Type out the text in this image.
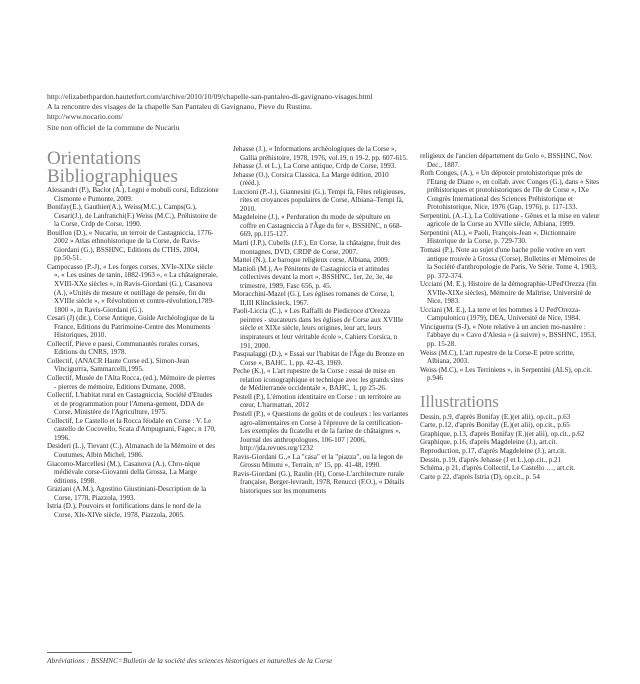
http://elizabethpardon.hautetfort.com/archive/2010/10/09/chapelle-san-pantaleo-di-gavignano-visages.html
A la rencontre des visages de la chapelle San Pantaleu di Gavignano, Pieve du Rustinu.
http://www.nocario.com/
Site non officiel de la commune de Nucariu
Orientations
Bibliographiques

Alessandri (P.), Baclot (A.), Legni e mobuli corsi, Edizzione Cismonte e Pumonte, 2009.

Bonifay(E.), Gauthier(A.), Weiss(M.C.), Camps(G.), Cesari(J.), de Lanfranchi(F.) Weiss (M.C.), Préhistoire de la Corse, Crdp de Corse, 1990.

Bouillon (D.), « Nucariu, un terroir de Castagniccia, 1776-2002 » Atlas ethnohistorique de la Corse, de Ravis-Giordani (G.), BSSHNC, Editions du CTHS, 2004, pp.50-51.

Campocasso (P.-J), « Les forges corses, XVIe-XIXe siècle », « Les usines de tanin, 1882-1963 », « La châtaigneraie, XVIII-XXe siècles », in Ravis-Giordani (G.), Casanova (A.), «Unités de mesure et outillage de pensée, fin du XVIIIe siècle », « Révolution et contre-révolution,1789-1800 », in Ravis-Giordani (G.).

Cesari (J) (dir.), Corse Antique, Guide Archéologique de la France, Editions du Patrimoine-Centre des Monuments Historiques, 2010.

Collectif, Pieve e paesi, Communautés rurales corses, Editions du CNRS, 1978.

Collectif, (ANACR Haute Corse ed.), Simon-Jean Vincigurrra, Sammarcelli,1995.

Collectif, Musée de l'Alta Rocca, (ed.), Mémoire de pierres - pierres de mémoire, Editions Dumane, 2008.

Collectif, L'habitat rural en Castagniccia, Société d'Etudes et de programmation pour l'Amena-gement, DDA de Corse, Ministère de l'Agriculture, 1975.

Collectif, Le Castello et la Rocca féodale en Corse : V. Le castello de Cocovello, Scata d'Ampugnani, Fagec, n 170, 1996.

Desideri (L.), Tievant (C.), Almanach de la Mémoire et des Coutumes, Albin Michel, 1986.

Giacomo-Marcellesi (M.), Casanova (A.), Chro-nique médiévale corse-Giovanni della Grossa, La Marge éditions, 1998.

Graziani (A.M.), Agostino Giustiniani-Description de la Corse, 1778, Piazzola, 1993.

Istria (D.), Pouvoirs et fortifications dans le nord de la Corse, XIe-XIVe siècle, 1978, Piazzola, 2005.

Jehasse (J.), « Informations archéologiques de la Corse », Gallia préhistoire, 1978, 1976, vol.19, n 19-2, pp. 607-615.

Jehasse (J. et L.), La Corse antique, Crdp de Corse, 1993.

Jehasse (O.), Corsica Classica, La Marge édition, 2010 (rééd.).

Luccioni (P.-J.), Giannesini (G.), Tempi fà, Fêtes religieuses, rites et croyances populaires de Corse, Albiana–Tempi fà, 2010.

Magdeleine (J.), « Perduration du mode de sépulture en coffre en Castagniccia à l'Âge du fer », BSSHNC, n 668-669, pp.115-127.

Marti (J.P.), Cubells (J.F.), En Corse, la châtaigne, fruit des montagnes, DVD, CRDP de Corse, 2007.

Mattei (N.), Le baroque religieux corse, Albiana, 2009.

Mattioli (M.), A« Pénitents de Castagniccia et attitudes collectives devant la mort », BSSHNC, 1er, 2e, 3e, 4e trimestre, 1989, Fasc 656, p. 45.

Moracchini-Mazel (G.), Les églises romanes de Corse, I, II,III Klincksieck, 1967.

Paoli-Liccia (C.), « Les Raffalli de Piedicroce d'Orezza peintres - stucateurs dans les églises de Corse aux XVIIIe siècle et XIXe siècle, leurs origines, leur art, leurs inspirateurs et leur véritable école », Cahiers Corsica, n 191, 2000.

Pasqualaggi (D.), « Essai sur l'habitat de l'Âge du Bronze en Corse », BAHC, 1, pp. 42-43, 1969.

Peche (K.), « L'art rupestre de la Corse : essai de mise en relation iconographique et technique avec les grands sites de Méditerranée occidentale », BAHC, 1, pp 25-26.

Pestell (P.), L'émotion identitaire en Corse : un territoire au cœur, L'harmattan, 2012

Pestell (P.), « Questions de goûts et de couleurs : les variantes agro-alimentaires en Corse à l'épreuve de la certification-Les exemples du ficatellu et de la farine de châtaignes », Journal des anthropologues, 106-107 | 2006, http://jda.revues.org/1232

Ravis-Giordani G.,« La "casa" et la "piazza", ou la legon de Grossu Minutu », Terrain, n° 15, pp. 41-48, 1990.

Ravis-Giordani (G.), Raulin (H), Corse-L'architecture rurale française, Berger-levrault, 1978, Renucci (F.O.), « Détails historiques sur les monuments

religieux de l'ancien département du Golo », BSSHNC, Nov. Dec., 1887.

Roth Conges, (A.), « Un dépotoir protohistorique près de l'Etang de Diane », en collab. avec Conges (G.), dans « Sites préhistoriques et protohistoriques de l'île de Corse », IXe Congrès International des Sciences Préhistorique et Protohistorique, Nice, 1976 (Gap, 1976), p. 117-133.

Serpentini, (A.-L), La Coltivatione - Gênes et la mise en valeur agricole de la Corse au XVIIe siècle, Albiana, 1999.

Serpentini (AL), « Paoli, François-Jean », Dictionnaire Historique de la Corse, p. 729-730.

Tomasi (P.), Note au sujet d'une hache polie votive en vert antique trouvée à Grossa (Corse), Bulletins et Mémoires de la Société d'anthropologie de Paris, Ve Série. Tome 4, 1903, pp. 372-374.

Ucciani (M. E.), Histoire de la démographie-UPed'Orezza (fin XVIIe-XIXe siècles), Mémoire de Maîtrise, Université de Nice, 1983.

Ucciani (M. E.), La terre et les hommes à U Ped'Orezza-Campulonicu (1979), DEA, Université de Nice, 1984.

Vinciguerra (S-J), « Note relative à un ancien mo-nastère : l'abbaye du « Cavo d'Alesia » (à suivre) », BSSHNC, 1953, pp. 15-28.

Weiss (M.C), L'art rupestre de la Corse-E petre scritte, Albiana, 2003.

Weiss (M.C), « Les Terriniens », in Serpentini (ALS), op.cit. p.946

Illustrations

Dessin, p.9, d'après Bonifay (E.)(et alii), op.cit., p.63

Carte, p.12, d'après Bonifay (E.)(et alii), op.cit., p.65

Graphique, p.13, d'après Bonifay (E.)(et alii), op.cit., p.62

Graphique, p.16, d'après Magdeleine (J.), art.cit.

Reproduction, p.17, d'après Magdeleine (J.), art.cit.

Dessin, p.19, d'après Jehasse (J et L.),op.cit., p.21

Schéma, p 21, d'après Collectif, Le Castello …, art.cit.

Carte p 22, d'après Istria (D), op.cit., p. 54

Abréviations : BSSHNC=Bulletin de la société des sciences historiques et naturelles de la Corse
